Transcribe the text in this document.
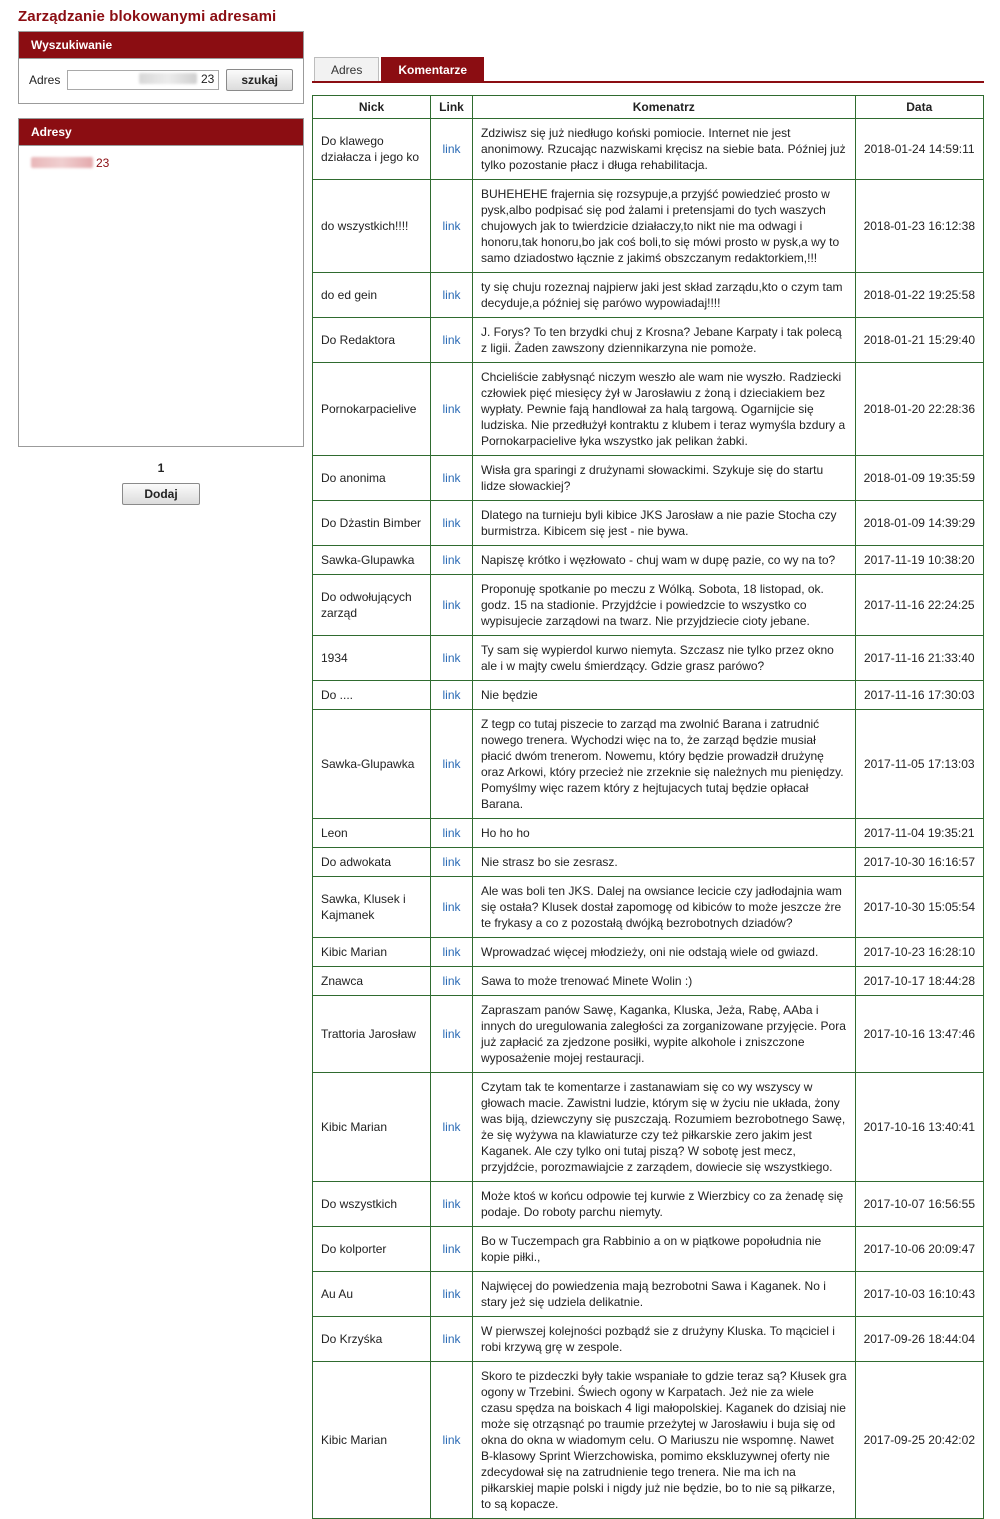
Zarządzanie blokowanymi adresami
Wyszukiwanie
Adres	23	szukaj
Adresy
23
1
Dodaj
Adres	Komentarze
Nick	Link	Komenatrz	Data
Do klawego działacza i jego ko	link	Zdziwisz się już niedługo koński pomiocie. Internet nie jest anonimowy. Rzucając nazwiskami kręcisz na siebie bata. Później już tylko pozostanie płacz i długa rehabilitacja.	2018-01-24 14:59:11
do wszystkich!!!!	link	BUHEHEHE frajernia się rozsypuje,a przyjść powiedzieć prosto w pysk,albo podpisać się pod żalami i pretensjami do tych waszych chujowych jak to twierdzicie działaczy,to nikt nie ma odwagi i honoru,tak honoru,bo jak coś boli,to się mówi prosto w pysk,a wy to samo dziadostwo łącznie z jakimś obszczanym redaktorkiem,!!!	2018-01-23 16:12:38
do ed gein	link	ty się chuju rozeznaj najpierw jaki jest skład zarządu,kto o czym tam decyduje,a później się parówo wypowiadaj!!!!	2018-01-22 19:25:58
Do Redaktora	link	J. Forys? To ten brzydki chuj z Krosna? Jebane Karpaty i tak polecą z ligii. Żaden zawszony dziennikarzyna nie pomoże.	2018-01-21 15:29:40
Pornokarpacielive	link	Chcieliście zabłysnąć niczym weszło ale wam nie wyszło. Radziecki człowiek pięć miesięcy żył w Jarosławiu z żoną i dzieciakiem bez wypłaty. Pewnie fają handlował za halą targową. Ogarnijcie się ludziska. Nie przedłużył kontraktu z klubem i teraz wymyśla bzdury a Pornokarpacielive łyka wszystko jak pelikan żabki.	2018-01-20 22:28:36
Do anonima	link	Wisła gra sparingi z drużynami słowackimi. Szykuje się do startu lidze słowackiej?	2018-01-09 19:35:59
Do Dżastin Bimber	link	Dlatego na turnieju byli kibice JKS Jarosław a nie pazie Stocha czy burmistrza. Kibicem się jest - nie bywa.	2018-01-09 14:39:29
Sawka-Glupawka	link	Napiszę krótko i węzłowato - chuj wam w dupę pazie, co wy na to?	2017-11-19 10:38:20
Do odwołujących zarząd	link	Proponuję spotkanie po meczu z Wólką. Sobota, 18 listopad, ok. godz. 15 na stadionie. Przyjdźcie i powiedzcie to wszystko co wypisujecie zarządowi na twarz. Nie przyjdziecie cioty jebane.	2017-11-16 22:24:25
1934	link	Ty sam się wypierdol kurwo niemyta. Szczasz nie tylko przez okno ale i w majty cwelu śmierdzący. Gdzie grasz parówo?	2017-11-16 21:33:40
Do ....	link	Nie będzie	2017-11-16 17:30:03
Sawka-Glupawka	link	Z tegp co tutaj piszecie to zarząd ma zwolnić Barana i zatrudnić nowego trenera. Wychodzi więc na to, że zarząd będzie musiał płacić dwóm trenerom. Nowemu, który będzie prowadził drużynę oraz Arkowi, który przecież nie zrzeknie się należnych mu pieniędzy. Pomyślmy więc razem który z hejtujacych tutaj będzie opłacał Barana.	2017-11-05 17:13:03
Leon	link	Ho ho ho	2017-11-04 19:35:21
Do adwokata	link	Nie strasz bo sie zesrasz.	2017-10-30 16:16:57
Sawka, Klusek i Kajmanek	link	Ale was boli ten JKS. Dalej na owsiance lecicie czy jadłodajnia wam się ostała? Klusek dostał zapomogę od kibiców to może jeszcze żre te frykasy a co z pozostałą dwójką bezrobotnych dziadów?	2017-10-30 15:05:54
Kibic Marian	link	Wprowadzać więcej młodzieży, oni nie odstają wiele od gwiazd.	2017-10-23 16:28:10
Znawca	link	Sawa to może trenować Minete Wolin :)	2017-10-17 18:44:28
Trattoria Jarosław	link	Zapraszam panów Sawę, Kaganka, Kluska, Jeża, Rabę, AAba i innych do uregulowania zaległości za zorganizowane przyjęcie. Pora już zapłacić za zjedzone posiłki, wypite alkohole i zniszczone wyposażenie mojej restauracji.	2017-10-16 13:47:46
Kibic Marian	link	Czytam tak te komentarze i zastanawiam się co wy wszyscy w głowach macie. Zawistni ludzie, którym się w życiu nie układa, żony was biją, dziewczyny się puszczają. Rozumiem bezrobotnego Sawę, że się wyżywa na klawiaturze czy też piłkarskie zero jakim jest Kaganek. Ale czy tylko oni tutaj piszą? W sobotę jest mecz, przyjdźcie, porozmawiajcie z zarządem, dowiecie się wszystkiego.	2017-10-16 13:40:41
Do wszystkich	link	Może ktoś w końcu odpowie tej kurwie z Wierzbicy co za żenadę się podaje. Do roboty parchu niemyty.	2017-10-07 16:56:55
Do kolporter	link	Bo w Tuczempach gra Rabbinio a on w piątkowe popołudnia nie kopie piłki.,	2017-10-06 20:09:47
Au Au	link	Najwięcej do powiedzenia mają bezrobotni Sawa i Kaganek. No i stary jeż się udziela delikatnie.	2017-10-03 16:10:43
Do Krzyśka	link	W pierwszej kolejności pozbądź sie z drużyny Kluska. To mąciciel i robi krzywą grę w zespole.	2017-09-26 18:44:04
Kibic Marian	link	Skoro te pizdeczki były takie wspaniałe to gdzie teraz są? Kłusek gra ogony w Trzebini. Świech ogony w Karpatach. Jeż nie za wiele czasu spędza na boiskach 4 ligi małopolskiej. Kaganek do dzisiaj nie może się otrząsnąć po traumie przeżytej w Jarosławiu i buja się od okna do okna w wiadomym celu. O Mariuszu nie wspomnę. Nawet B-klasowy Sprint Wierzchowiska, pomimo ekskluzywnej oferty nie zdecydował się na zatrudnienie tego trenera. Nie ma ich na piłkarskiej mapie polski i nigdy już nie będzie, bo to nie są piłkarze, to są kopacze.	2017-09-25 20:42:02
